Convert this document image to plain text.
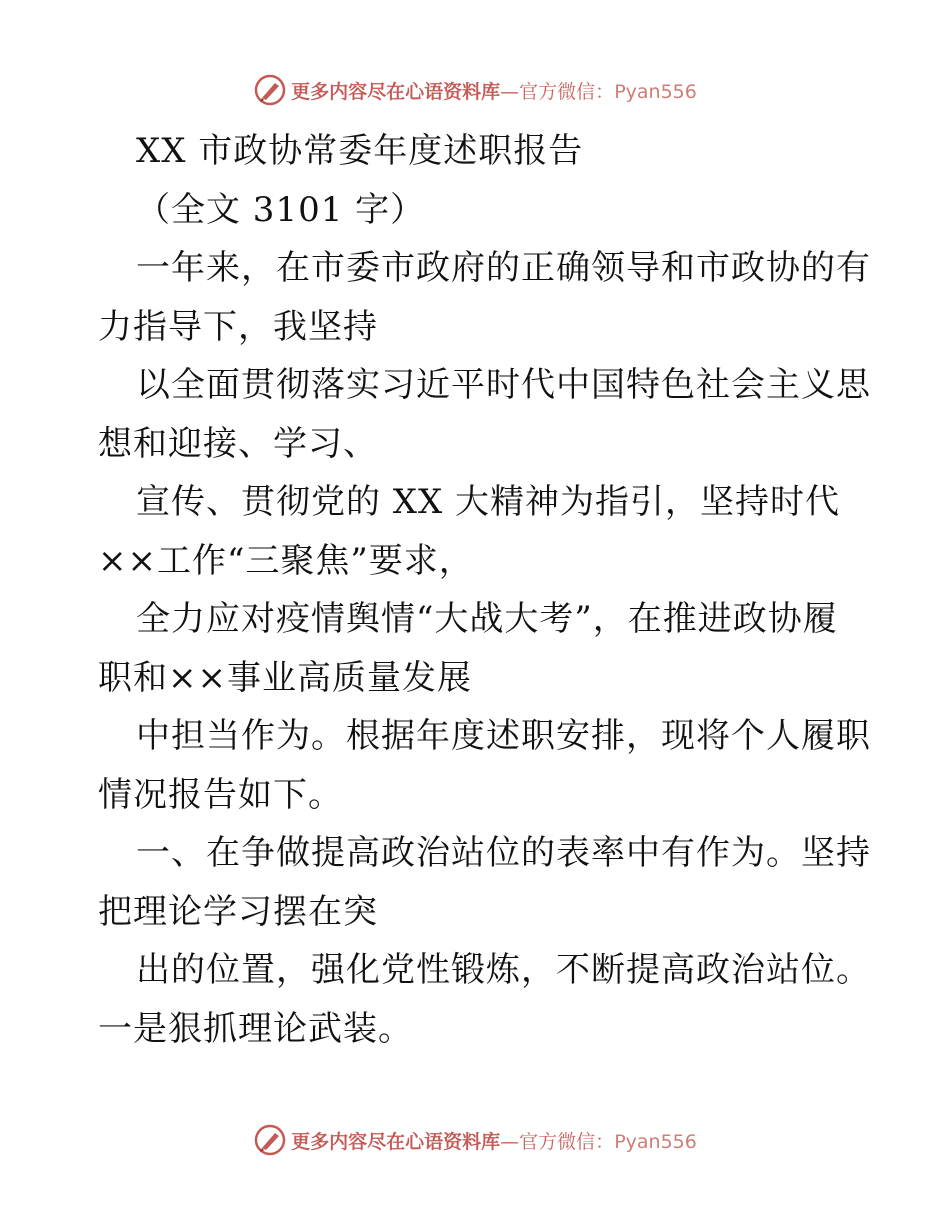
更多内容尽在心语资料库—官方微信：Pyan556
XX 市政协常委年度述职报告
（全文 3101 字）
一年来，在市委市政府的正确领导和市政协的有
力指导下，我坚持
以全面贯彻落实习近平时代中国特色社会主义思
想和迎接、学习、
宣传、贯彻党的 XX 大精神为指引，坚持时代
××工作“三聚焦”要求，
全力应对疫情舆情“大战大考”，在推进政协履
职和××事业高质量发展
中担当作为。根据年度述职安排，现将个人履职
情况报告如下。
一、在争做提高政治站位的表率中有作为。坚持
把理论学习摆在突
出的位置，强化党性锻炼，不断提高政治站位。
一是狠抓理论武装。
更多内容尽在心语资料库—官方微信：Pyan556
